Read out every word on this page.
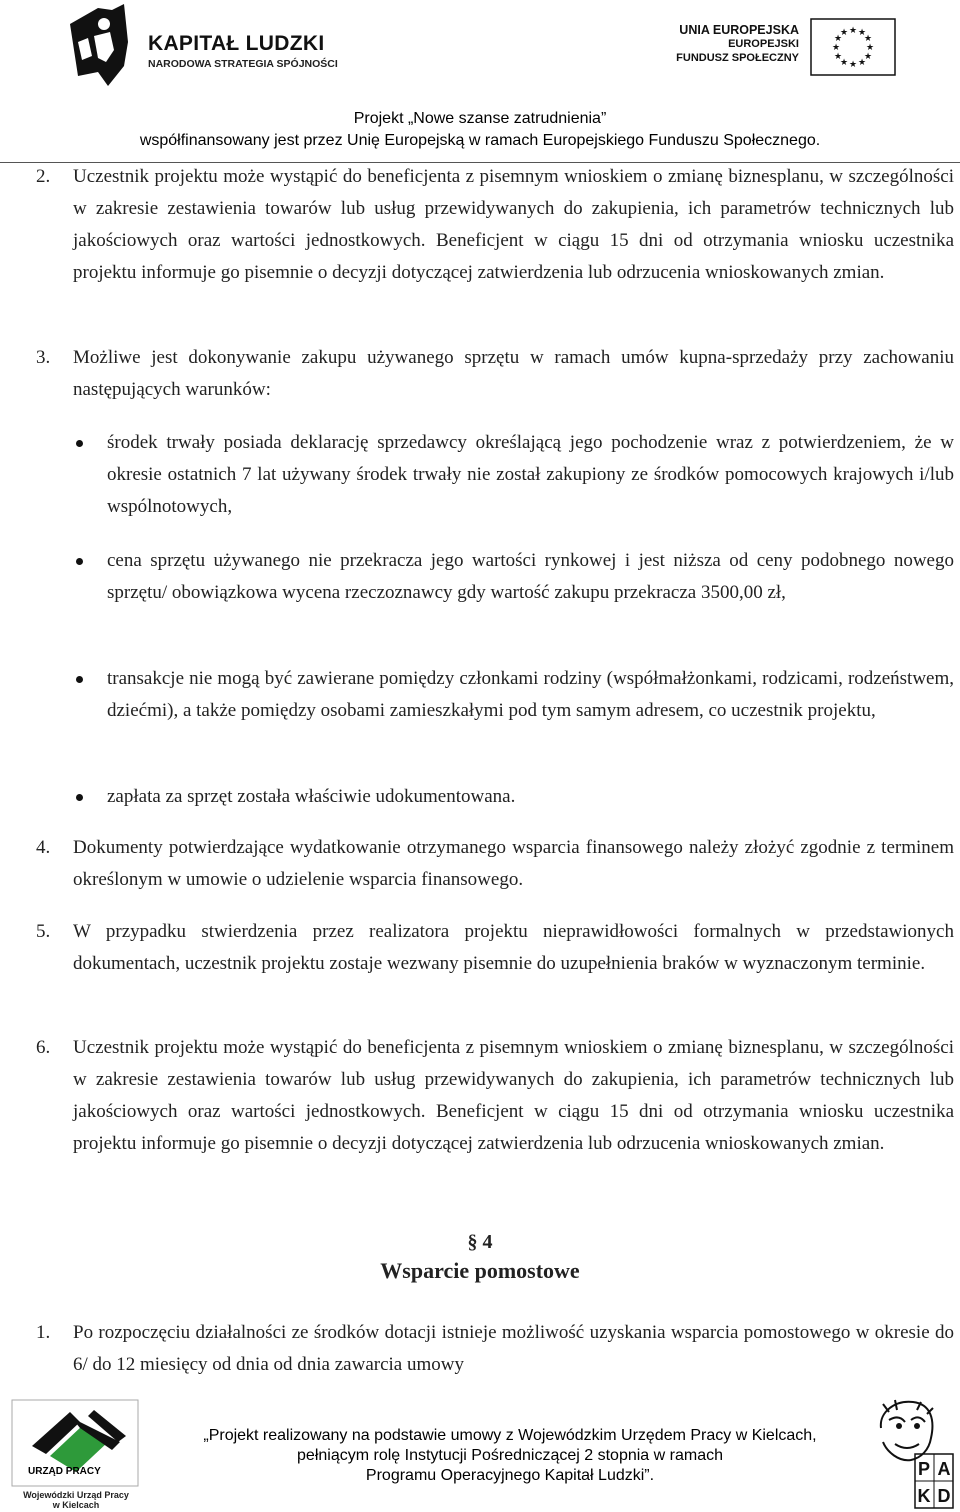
KAPITAŁ LUDZKI
NARODOWA STRATEGIA SPÓJNOŚCI
UNIA EUROPEJSKA
EUROPEJSKI
FUNDUSZ SPOŁECZNY
★ ★
★
★
★
★
★
★
★
★
★
★
Projekt „Nowe szanse zatrudnienia”
współfinansowany jest przez Unię Europejską w ramach Europejskiego Funduszu Społecznego.
2. Uczestnik projektu może wystąpić do beneficjenta z pisemnym wnioskiem o zmianę biznesplanu, w szczególności w zakresie zestawienia towarów lub usług przewidywanych do zakupienia, ich parametrów technicznych lub jakościowych oraz wartości jednostkowych. Beneficjent w ciągu 15 dni od otrzymania wniosku uczestnika projektu informuje go pisemnie o decyzji dotyczącej zatwierdzenia lub odrzucenia wnioskowanych zmian.
3. Możliwe jest dokonywanie zakupu używanego sprzętu w ramach umów kupna-sprzedaży przy zachowaniu następujących warunków:
środek trwały posiada deklarację sprzedawcy określającą jego pochodzenie wraz z potwierdzeniem, że w okresie ostatnich 7 lat używany środek trwały nie został zakupiony ze środków pomocowych krajowych i/lub wspólnotowych,
cena sprzętu używanego nie przekracza jego wartości rynkowej i jest niższa od ceny podobnego nowego sprzętu/ obowiązkowa wycena rzeczoznawcy gdy wartość zakupu przekracza 3500,00 zł,
transakcje nie mogą być zawierane pomiędzy członkami rodziny (współmałżonkami, rodzicami, rodzeństwem, dziećmi), a także pomiędzy osobami zamieszkałymi pod tym samym adresem, co uczestnik projektu,
zapłata za sprzęt została właściwie udokumentowana.
4. Dokumenty potwierdzające wydatkowanie otrzymanego wsparcia finansowego należy złożyć zgodnie z terminem określonym w umowie o udzielenie wsparcia finansowego.
5. W przypadku stwierdzenia przez realizatora projektu nieprawidłowości formalnych w przedstawionych dokumentach, uczestnik projektu zostaje wezwany pisemnie do uzupełnienia braków w wyznaczonym terminie.
6. Uczestnik projektu może wystąpić do beneficjenta z pisemnym wnioskiem o zmianę biznesplanu, w szczególności w zakresie zestawienia towarów lub usług przewidywanych do zakupienia, ich parametrów technicznych lub jakościowych oraz wartości jednostkowych. Beneficjent w ciągu 15 dni od otrzymania wniosku uczestnika projektu informuje go pisemnie o decyzji dotyczącej zatwierdzenia lub odrzucenia wnioskowanych zmian.
§ 4
Wsparcie pomostowe
1. Po rozpoczęciu działalności ze środków dotacji istnieje możliwość uzyskania wsparcia pomostowego w okresie do 6/ do 12 miesięcy od dnia od dnia zawarcia umowy
URZĄD PRACY
Wojewódzki Urząd Pracy
w Kielcach
„Projekt realizowany na podstawie umowy z Wojewódzkim Urzędem Pracy w Kielcach,
pełniącym rolę Instytucji Pośredniczącej 2 stopnia w ramach
Programu Operacyjnego Kapitał Ludzki”.	P A
K D
